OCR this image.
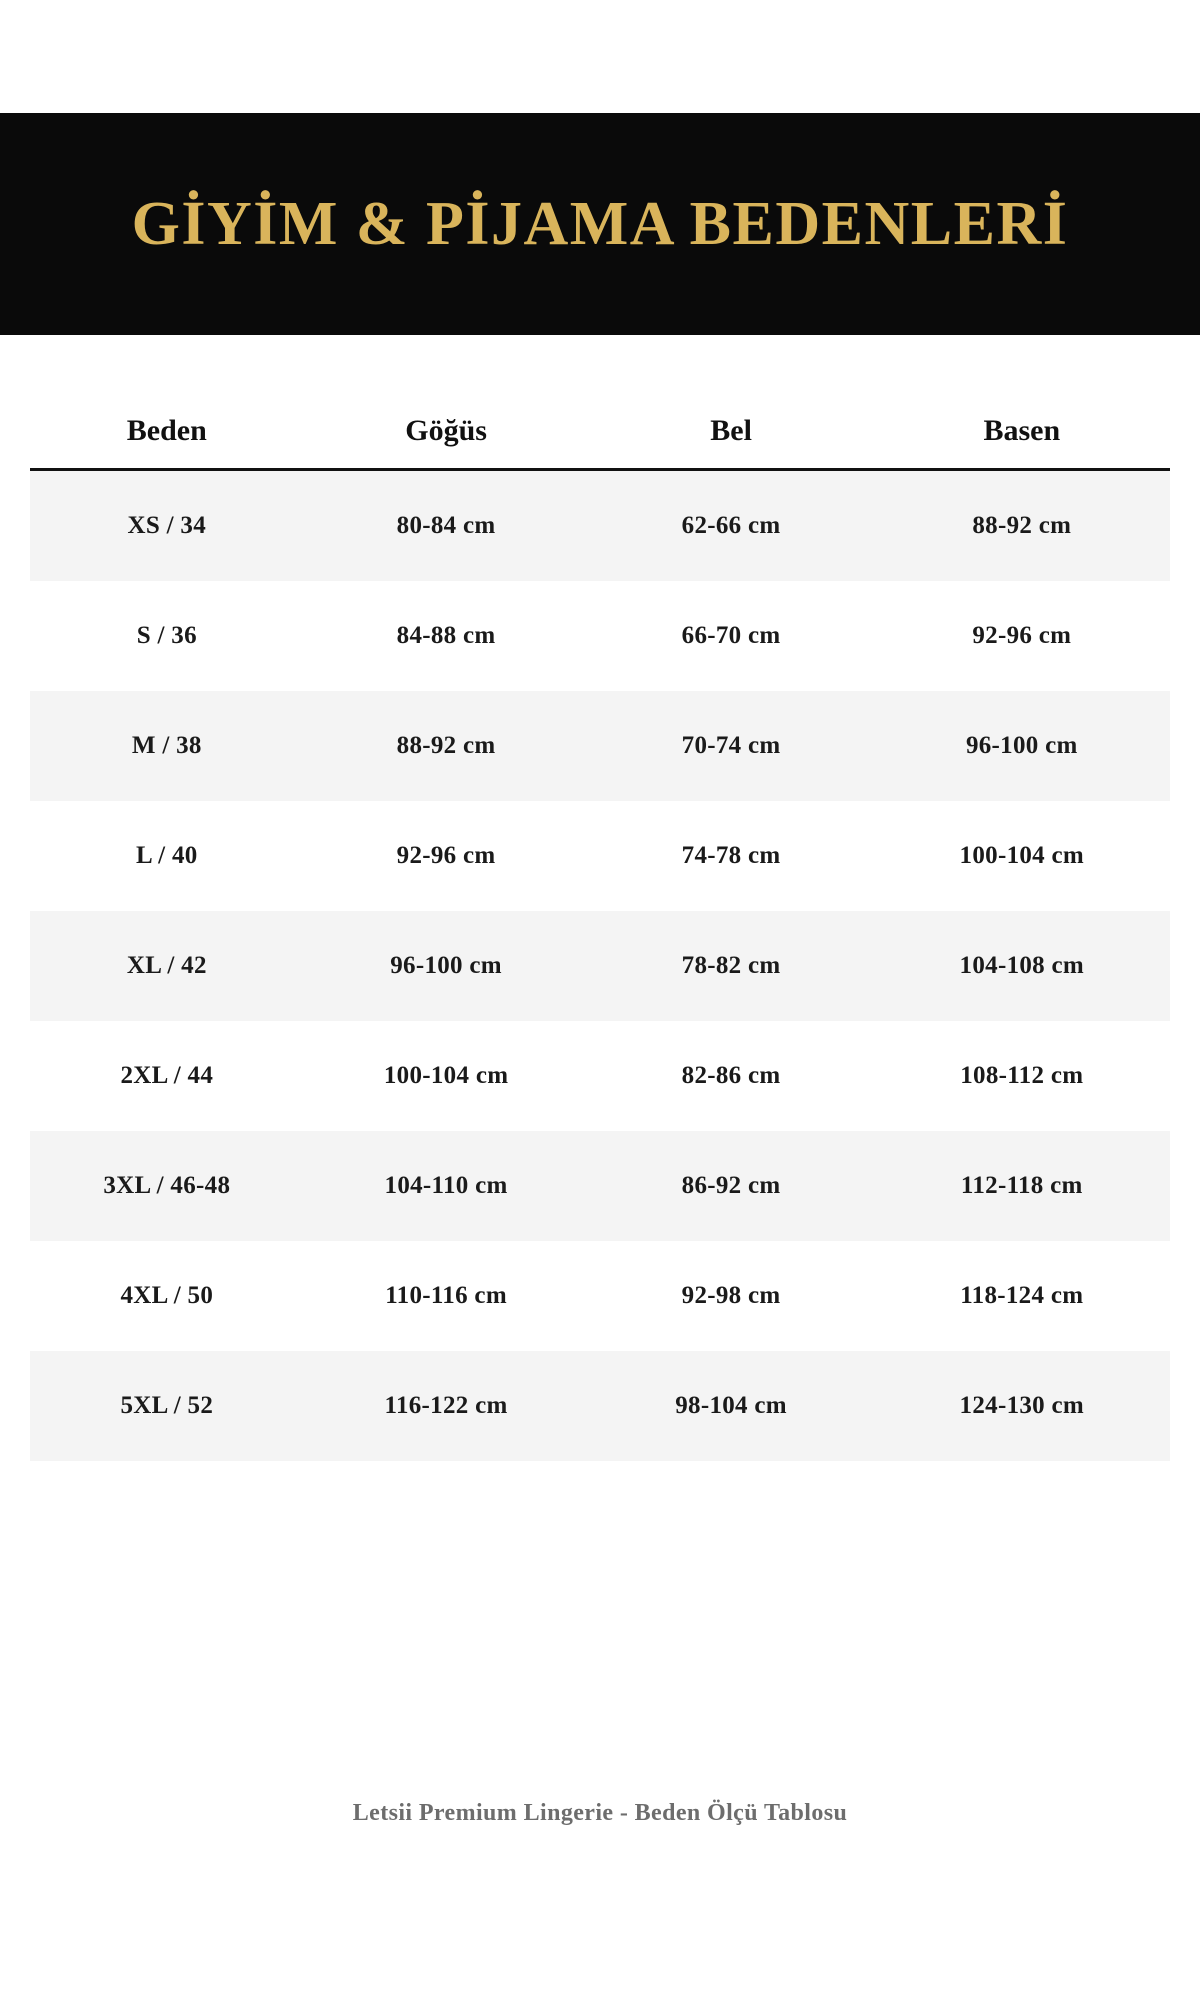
GİYİM & PİJAMA BEDENLERİ
Beden	Göğüs	Bel	Basen
XS / 34	80-84 cm	62-66 cm	88-92 cm
S / 36	84-88 cm	66-70 cm	92-96 cm
M / 38	88-92 cm	70-74 cm	96-100 cm
L / 40	92-96 cm	74-78 cm	100-104 cm
XL / 42	96-100 cm	78-82 cm	104-108 cm
2XL / 44	100-104 cm	82-86 cm	108-112 cm
3XL / 46-48	104-110 cm	86-92 cm	112-118 cm
4XL / 50	110-116 cm	92-98 cm	118-124 cm
5XL / 52	116-122 cm	98-104 cm	124-130 cm
Letsii Premium Lingerie - Beden Ölçü Tablosu
